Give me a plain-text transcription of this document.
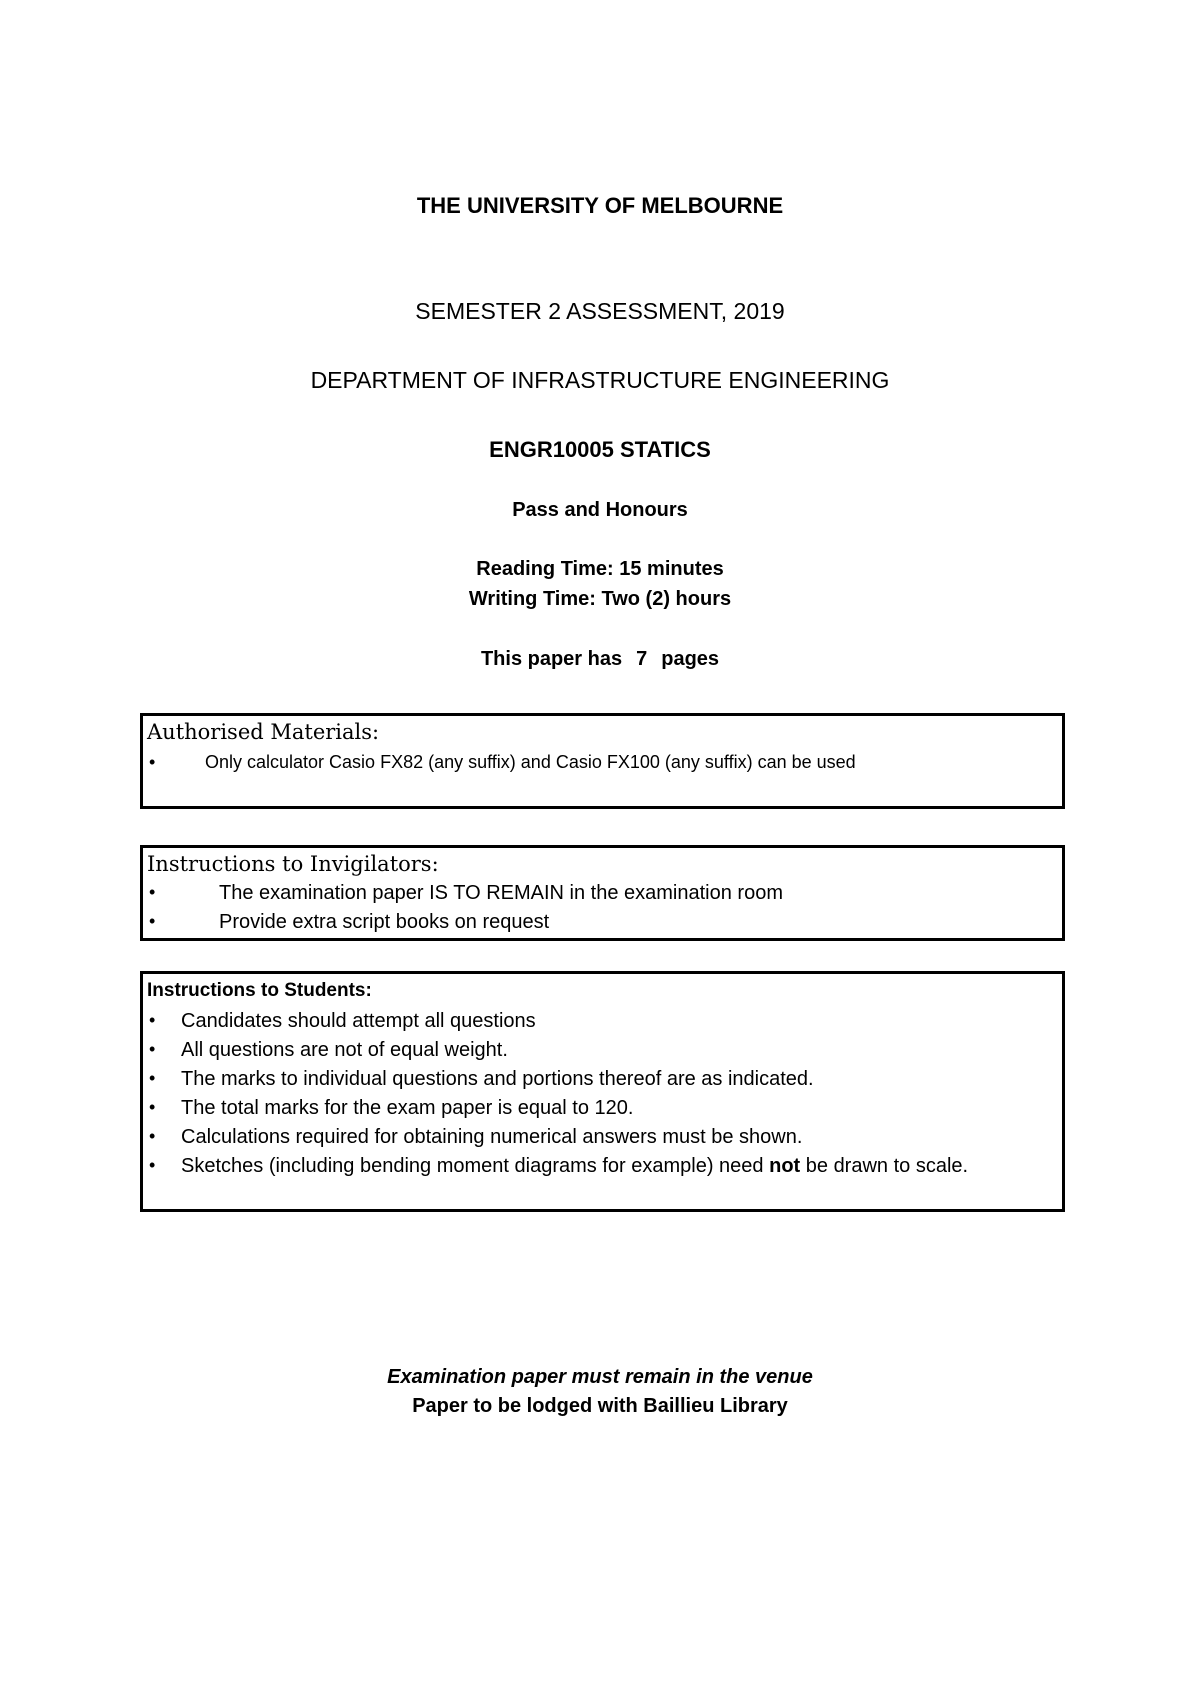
THE UNIVERSITY OF MELBOURNE
SEMESTER 2 ASSESSMENT, 2019
DEPARTMENT OF INFRASTRUCTURE ENGINEERING
ENGR10005 STATICS
Pass and Honours
Reading Time: 15 minutes
Writing Time: Two (2) hours
This paper has 7 pages
Authorised Materials:
•	Only calculator Casio FX82 (any suffix) and Casio FX100 (any suffix) can be used
Instructions to Invigilators:
•	The examination paper IS TO REMAIN in the examination room
•	Provide extra script books on request
Instructions to Students:
• Candidates should attempt all questions
• All questions are not of equal weight.
• The marks to individual questions and portions thereof are as indicated.
• The total marks for the exam paper is equal to 120.
• Calculations required for obtaining numerical answers must be shown.
• Sketches (including bending moment diagrams for example) need not be drawn to scale.
Examination paper must remain in the venue
Paper to be lodged with Baillieu Library
